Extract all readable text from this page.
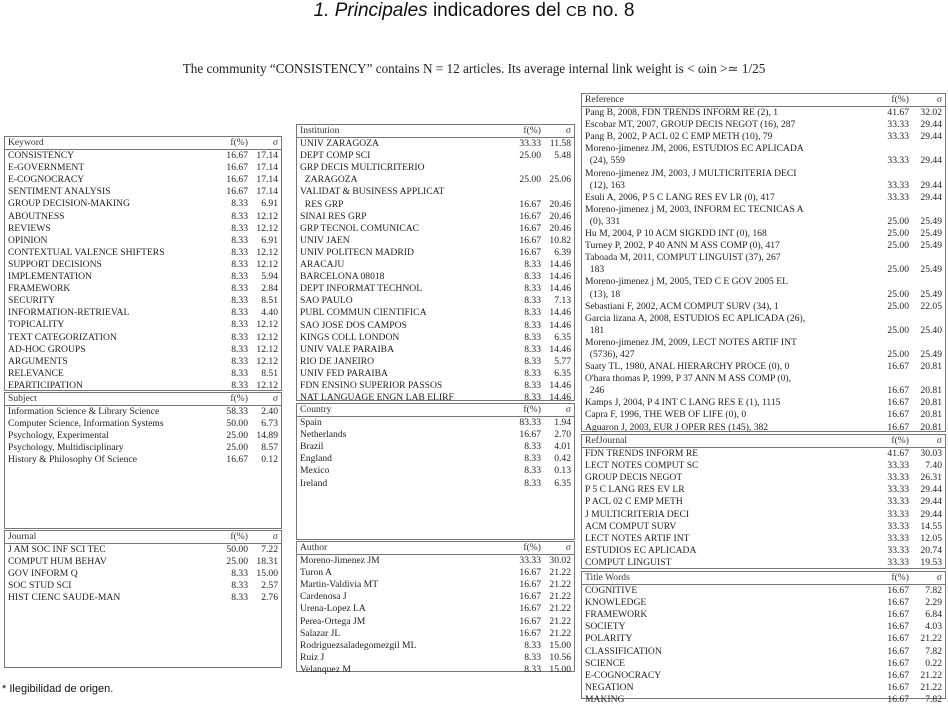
1. Principales indicadores del CB no. 8
The community “CONSISTENCY” contains N = 12 articles. Its average internal link weight is < ωin >≃ 1/25
Keyword	f(%)	σ
CONSISTENCY	16.67 17.14
E-GOVERNMENT	16.67 17.14
E-COGNOCRACY	16.67 17.14
SENTIMENT ANALYSIS	16.67 17.14
GROUP DECISION-MAKING	8.33	6.91
ABOUTNESS	8.33 12.12
REVIEWS	8.33 12.12
OPINION	8.33	6.91
CONTEXTUAL VALENCE SHIFTERS	8.33 12.12
SUPPORT DECISIONS	8.33 12.12
IMPLEMENTATION	8.33	5.94
FRAMEWORK	8.33	2.84
SECURITY	8.33	8.51
INFORMATION-RETRIEVAL	8.33	4.40
TOPICALITY	8.33 12.12
TEXT CATEGORIZATION	8.33 12.12
AD-HOC GROUPS	8.33 12.12
ARGUMENTS	8.33 12.12
RELEVANCE	8.33	8.51
EPARTICIPATION	8.33 12.12
Subject	f(%)	σ
Information Science & Library Science	58.33	2.40
Computer Science, Information Systems	50.00	6.73
Psychology, Experimental	25.00 14.89
Psychology, Multidisciplinary	25.00	8.57
History & Philosophy Of Science	16.67	0.12
Journal	f(%)	σ
J AM SOC INF SCI TEC	50.00	7.22
COMPUT HUM BEHAV	25.00 18.31
GOV INFORM Q	8.33 15.00
SOC STUD SCI	8.33	2.57
HIST CIENC SAUDE-MAN	8.33	2.76
Institution	f(%)	σ
UNIV ZARAGOZA	33.33 11.58
DEPT COMP SCI	25.00	5.48
GRP DECIS MULTICRITERIO
ZARAGOZA	25.00 25.06
VALIDAT & BUSINESS APPLICAT
RES GRP	16.67 20.46
SINAI RES GRP	16.67 20.46
GRP TECNOL COMUNICAC	16.67 20.46
UNIV JAEN	16.67 10.82
UNIV POLITECN MADRID	16.67	6.39
ARACAJU	8.33 14.46
BARCELONA 08018	8.33 14.46
DEPT INFORMAT TECHNOL	8.33 14.46
SAO PAULO	8.33	7.13
PUBL COMMUN CIENTIFICA	8.33 14.46
SAO JOSE DOS CAMPOS	8.33 14.46
KINGS COLL LONDON	8.33	6.35
UNIV VALE PARAIBA	8.33 14.46
RIO DE JANEIRO	8.33	5.77
UNIV FED PARAIBA	8.33	6.35
FDN ENSINO SUPERIOR PASSOS	8.33 14.46
NAT LANGUAGE ENGN LAB ELIRF	8.33 14.46
Country	f(%)	σ
Spain	83.33	1.94
Netherlands	16.67	2.70
Brazil	8.33	4.01
England	8.33	0.42
Mexico	8.33	0.13
Ireland	8.33	6.35
Author	f(%)	σ
Moreno-Jimenez JM	33.33 30.02
Turon A	16.67 21.22
Martin-Valdivia MT	16.67 21.22
Cardenosa J	16.67 21.22
Urena-Lopez LA	16.67 21.22
Perea-Ortega JM	16.67 21.22
Salazar JL	16.67 21.22
Rodriguezsaladegomezgil ML	8.33 15.00
Ruiz J	8.33 10.56
Velanquez M	8.33 15.00
Reference	f(%)	σ
Pang B, 2008, FDN TRENDS INFORM RE (2), 1	41.67	32.02
Escobar MT, 2007, GROUP DECIS NEGOT (16), 287	33.33	29.44
Pang B, 2002, P ACL 02 C EMP METH (10), 79	33.33	29.44
Moreno-jimenez JM, 2006, ESTUDIOS EC APLICADA
(24), 559	33.33	29.44
Moreno-jimenez JM, 2003, J MULTICRITERIA DECI
(12), 163	33.33	29.44
Esuli A, 2006, P 5 C LANG RES EV LR (0), 417	33.33	29.44
Moreno-jimenez j M, 2003, INFORM EC TECNICAS A
(0), 331	25.00	25.49
Hu M, 2004, P 10 ACM SIGKDD INT (0), 168	25.00	25.49
Turney P, 2002, P 40 ANN M ASS COMP (0), 417	25.00	25.49
Taboada M, 2011, COMPUT LINGUIST (37), 267
183	25.00	25.49
Moreno-jimenez j M, 2005, TED C E GOV 2005 EL
(13), 18	25.00	25.49
Sebastiani F, 2002, ACM COMPUT SURV (34), 1	25.00	22.05
Garcia lizana A, 2008, ESTUDIOS EC APLICADA (26),
181	25.00	25.40
Moreno-jimenez JM, 2009, LECT NOTES ARTIF INT
(5736), 427	25.00	25.49
Saaty TL, 1980, ANAL HIERARCHY PROCE (0), 0	16.67	20.81
O'hara thomas P, 1999, P 37 ANN M ASS COMP (0),
246	16.67	20.81
Kamps J, 2004, P 4 INT C LANG RES E (1), 1115	16.67	20.81
Capra F, 1996, THE WEB OF LIFE (0), 0	16.67	20.81
Aguaron J, 2003, EUR J OPER RES (145), 382	16.67	20.81
RefJournal	f(%)	σ
FDN TRENDS INFORM RE	41.67	30.03
LECT NOTES COMPUT SC	33.33	7.40
GROUP DECIS NEGOT	33.33	26.31
P 5 C LANG RES EV LR	33.33	29.44
P ACL 02 C EMP METH	33.33	29.44
J MULTICRITERIA DECI	33.33	29.44
ACM COMPUT SURV	33.33	14.55
LECT NOTES ARTIF INT	33.33	12.05
ESTUDIOS EC APLICADA	33.33	20.74
COMPUT LINGUIST	33.33	19.53
Title Words	f(%)	σ
COGNITIVE	16.67	7.82
KNOWLEDGE	16.67	2.29
FRAMEWORK	16.67	6.84
SOCIETY	16.67	4.03
POLARITY	16.67	21.22
CLASSIFICATION	16.67	7.82
SCIENCE	16.67	0.22
E-COGNOCRACY	16.67	21.22
NEGATION	16.67	21.22
MAKING	16.67	7.82
* Ilegibilidad de origen.
